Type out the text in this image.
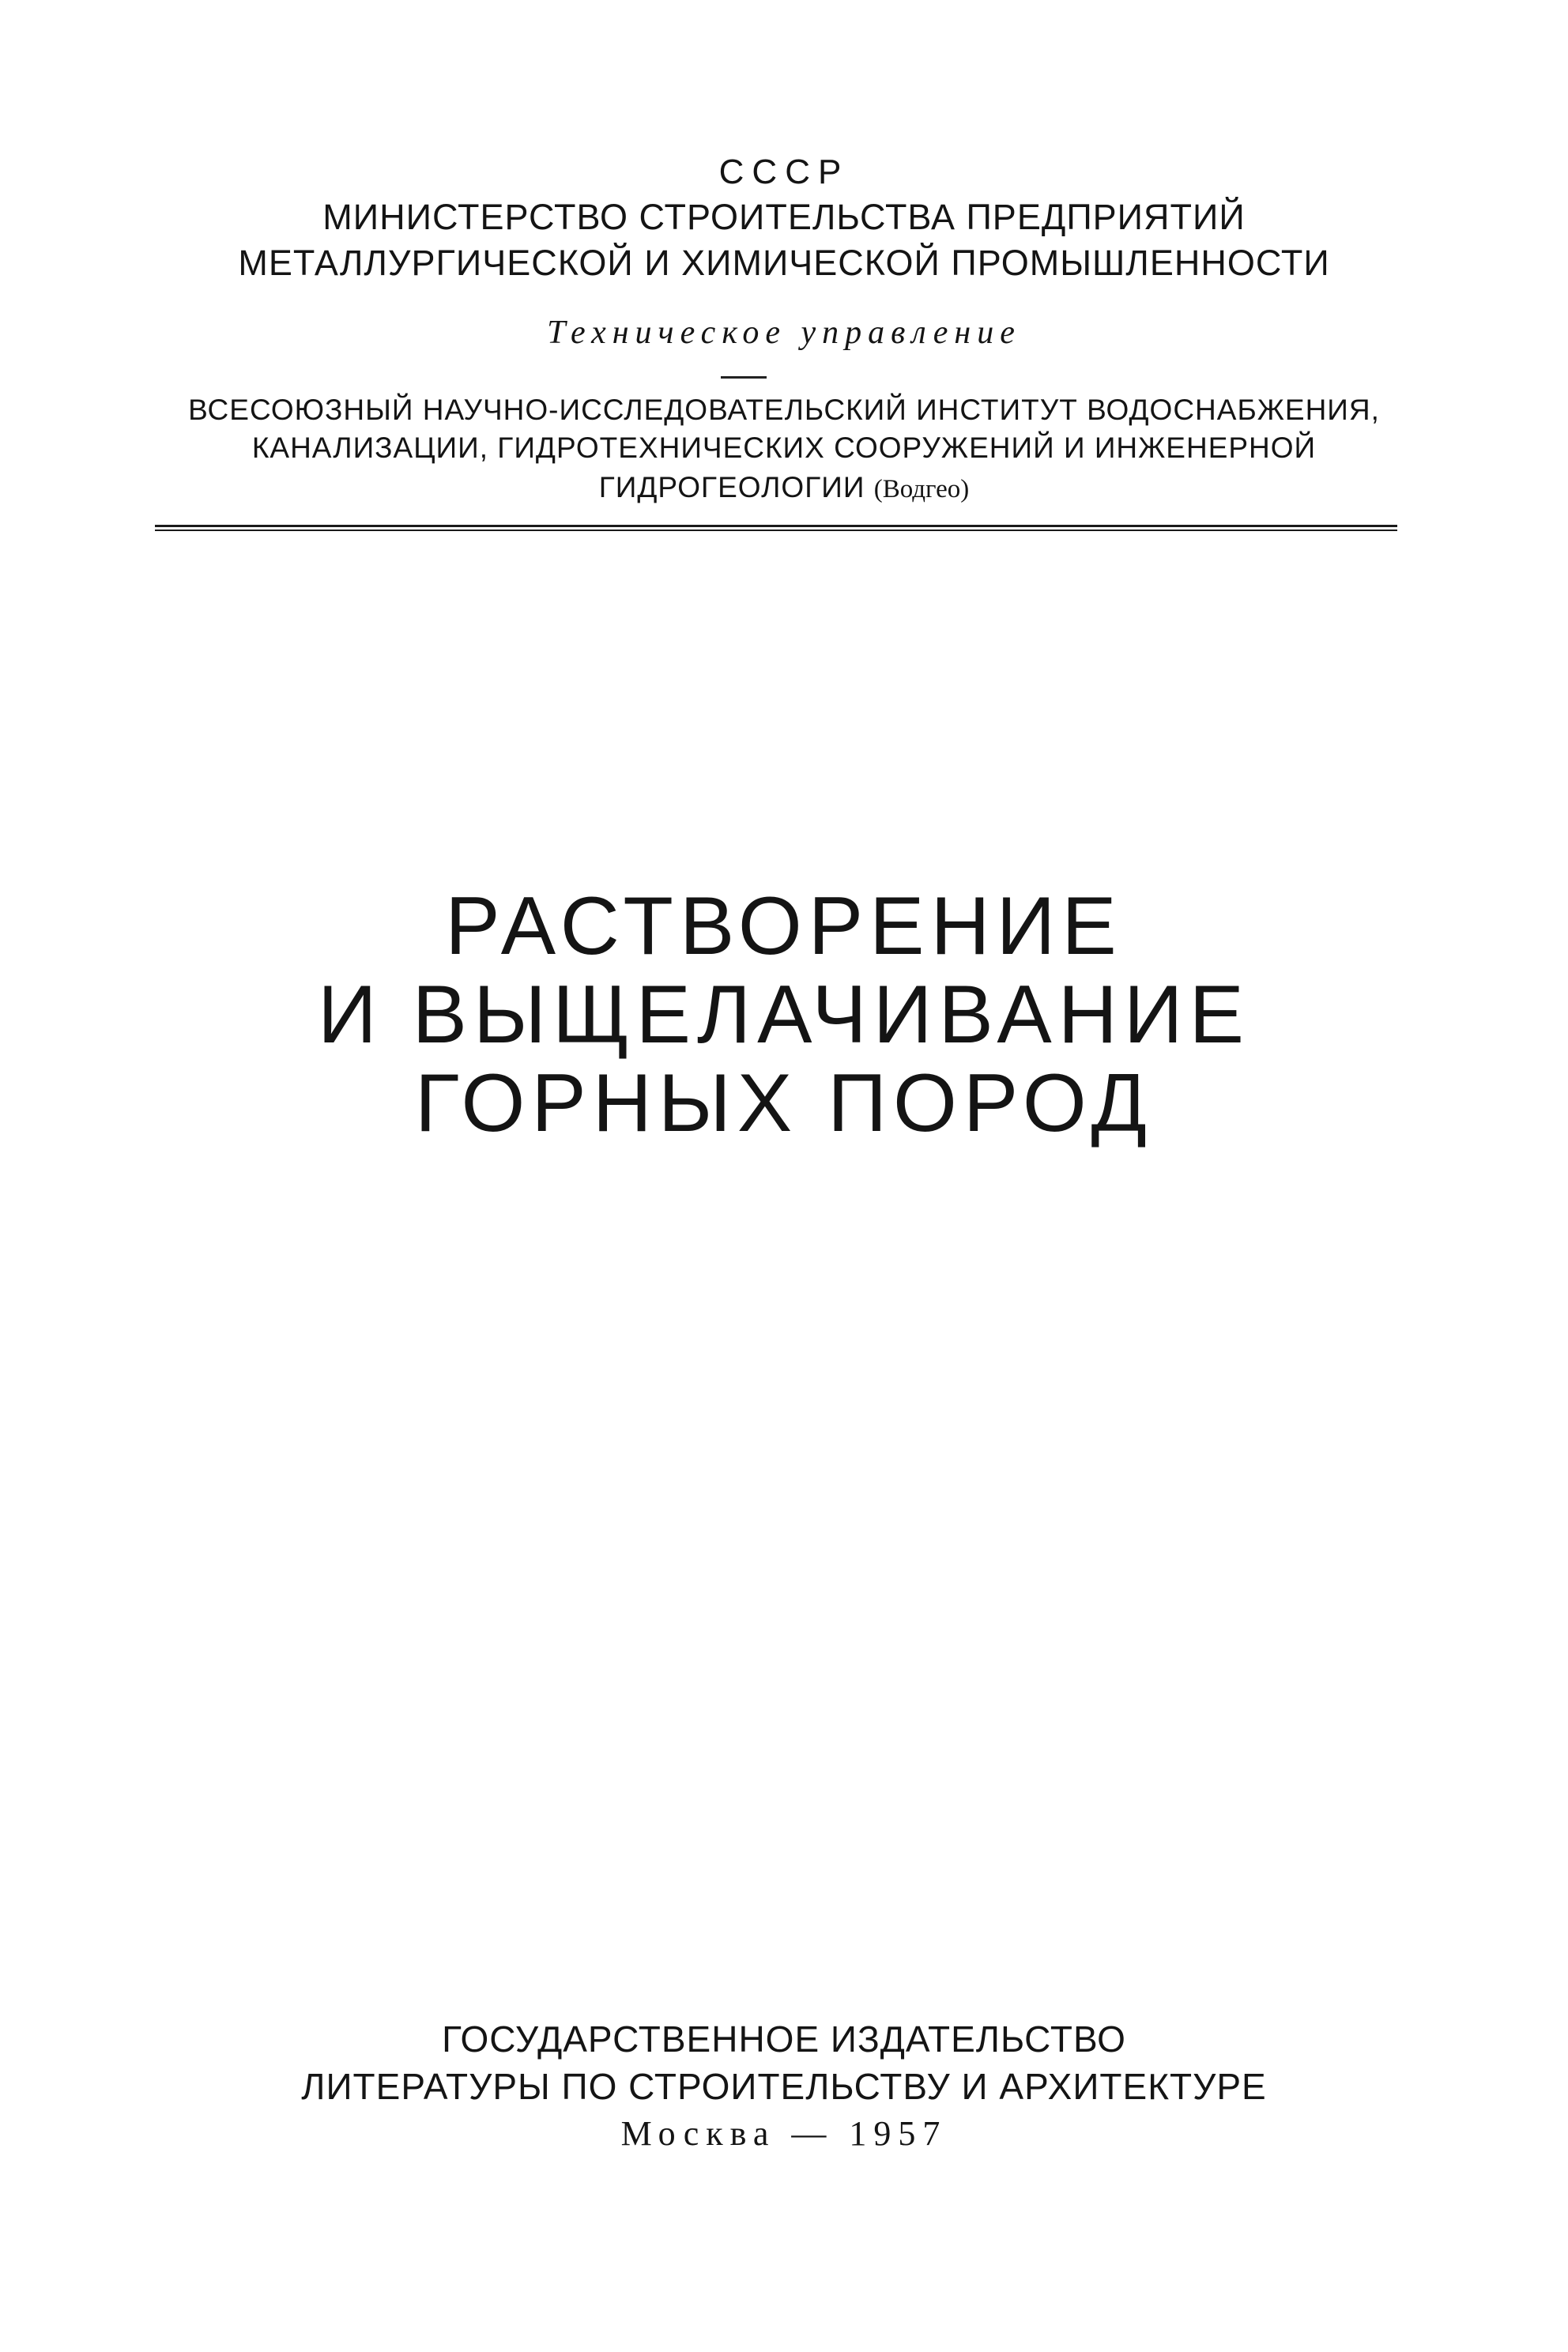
СССР
МИНИСТЕРСТВО СТРОИТЕЛЬСТВА ПРЕДПРИЯТИЙ
МЕТАЛЛУРГИЧЕСКОЙ И ХИМИЧЕСКОЙ ПРОМЫШЛЕННОСТИ
Техническое управление
ВСЕСОЮЗНЫЙ НАУЧНО-ИССЛЕДОВАТЕЛЬСКИЙ ИНСТИТУТ ВОДОСНАБЖЕНИЯ,
КАНАЛИЗАЦИИ, ГИДРОТЕХНИЧЕСКИХ СООРУЖЕНИЙ И ИНЖЕНЕРНОЙ
ГИДРОГЕОЛОГИИ (Водгео)
РАСТВОРЕНИЕ
И ВЫЩЕЛАЧИВАНИЕ
ГОРНЫХ ПОРОД
ГОСУДАРСТВЕННОЕ ИЗДАТЕЛЬСТВО
ЛИТЕРАТУРЫ ПО СТРОИТЕЛЬСТВУ И АРХИТЕКТУРЕ
Москва — 1957
